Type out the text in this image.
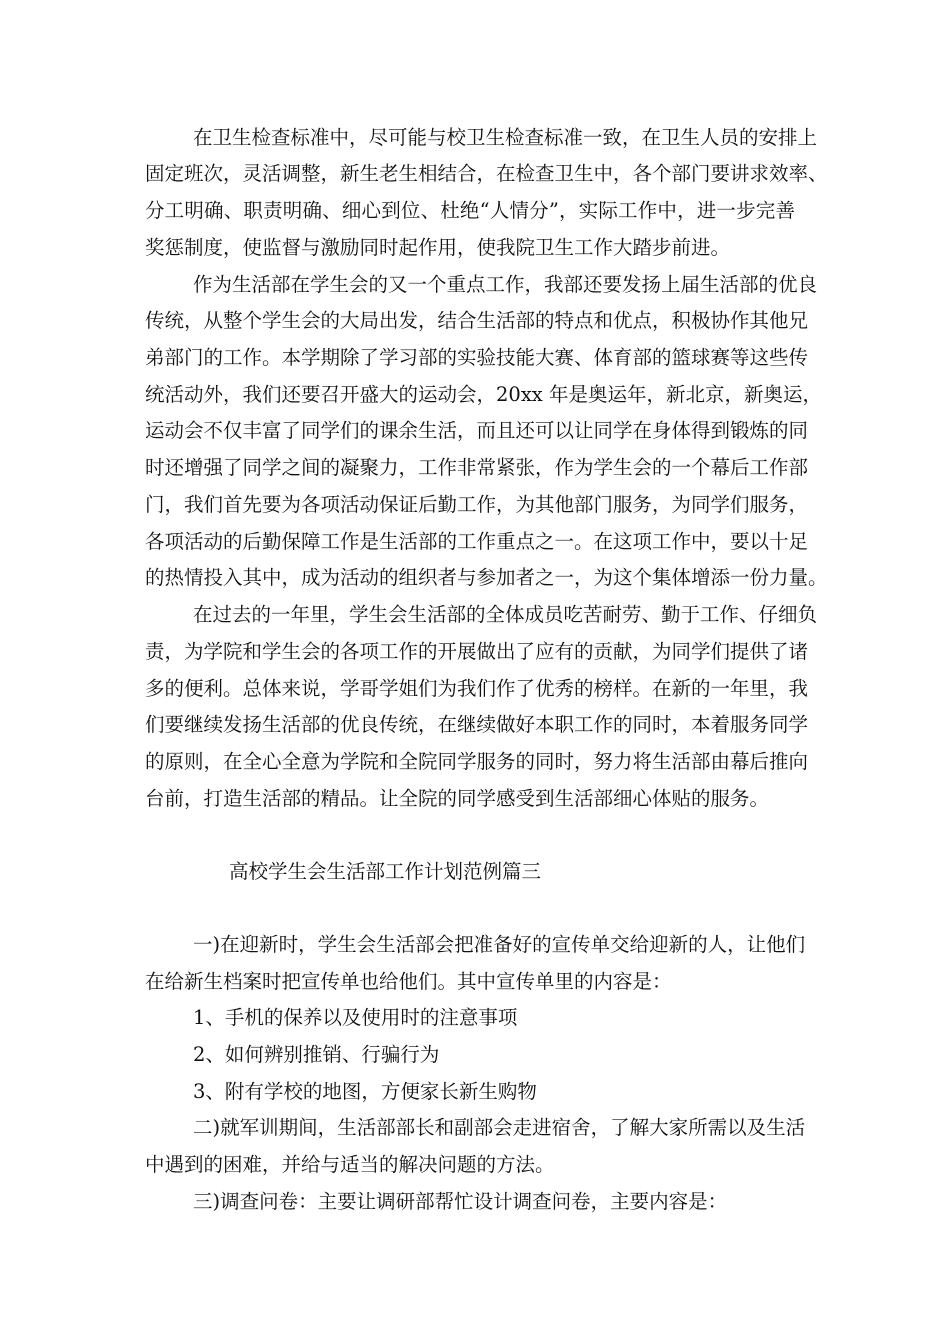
在卫生检查标准中，尽可能与校卫生检查标准一致，在卫生人员的安排上

固定班次，灵活调整，新生老生相结合，在检查卫生中，各个部门要讲求效率、

分工明确、职责明确、细心到位、杜绝“人情分”，实际工作中，进一步完善

奖惩制度，使监督与激励同时起作用，使我院卫生工作大踏步前进。

作为生活部在学生会的又一个重点工作，我部还要发扬上届生活部的优良

传统，从整个学生会的大局出发，结合生活部的特点和优点，积极协作其他兄

弟部门的工作。本学期除了学习部的实验技能大赛、体育部的篮球赛等这些传

统活动外，我们还要召开盛大的运动会，20xx 年是奥运年，新北京，新奥运，

运动会不仅丰富了同学们的课余生活，而且还可以让同学在身体得到锻炼的同

时还增强了同学之间的凝聚力，工作非常紧张，作为学生会的一个幕后工作部

门，我们首先要为各项活动保证后勤工作，为其他部门服务，为同学们服务，

各项活动的后勤保障工作是生活部的工作重点之一。在这项工作中，要以十足

的热情投入其中，成为活动的组织者与参加者之一，为这个集体增添一份力量。

在过去的一年里，学生会生活部的全体成员吃苦耐劳、勤于工作、仔细负

责，为学院和学生会的各项工作的开展做出了应有的贡献，为同学们提供了诸

多的便利。总体来说，学哥学姐们为我们作了优秀的榜样。在新的一年里，我

们要继续发扬生活部的优良传统，在继续做好本职工作的同时，本着服务同学

的原则，在全心全意为学院和全院同学服务的同时，努力将生活部由幕后推向

台前，打造生活部的精品。让全院的同学感受到生活部细心体贴的服务。

高校学生会生活部工作计划范例篇三

一)在迎新时，学生会生活部会把准备好的宣传单交给迎新的人，让他们

在给新生档案时把宣传单也给他们。其中宣传单里的内容是：

1、手机的保养以及使用时的注意事项

2、如何辨别推销、行骗行为

3、附有学校的地图，方便家长新生购物

二)就军训期间，生活部部长和副部会走进宿舍，了解大家所需以及生活

中遇到的困难，并给与适当的解决问题的方法。

三)调查问卷：主要让调研部帮忙设计调查问卷，主要内容是：
